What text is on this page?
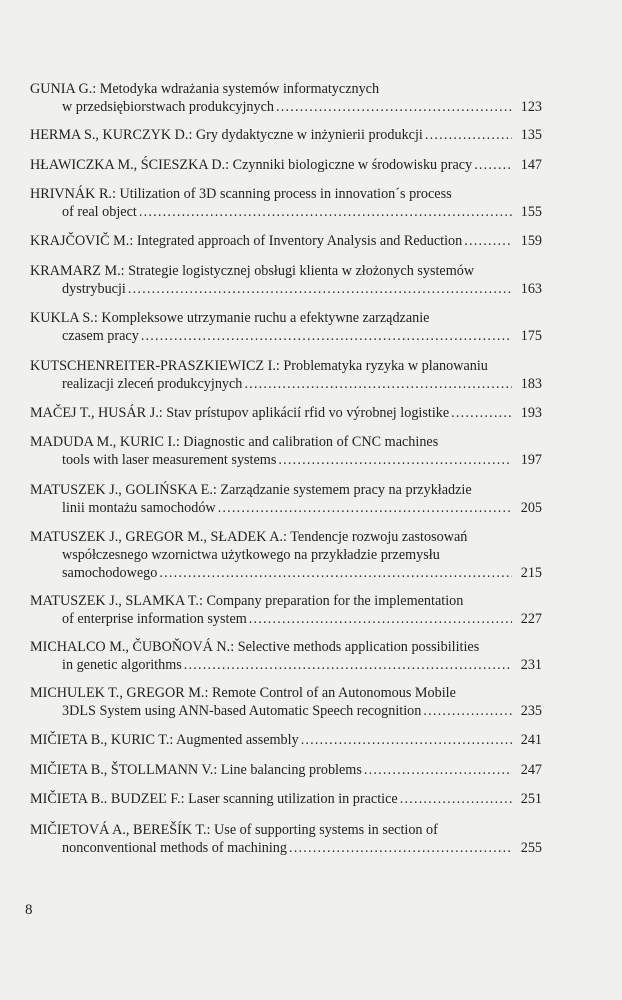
GUNIA G.: Metodyka wdrażania systemów informatycznych
w przedsiębiorstwach produkcyjnych .....	123
HERMA S., KURCZYK D.: Gry dydaktyczne w inżynierii produkcji .....	135
HŁAWICZKA M., ŚCIESZKA D.: Czynniki biologiczne w środowisku pracy .....	147
HRIVNÁK R.: Utilization of 3D scanning process in innovation´s process
of real object .....	155
KRAJČOVIČ M.: Integrated approach of Inventory Analysis and Reduction .....	159
KRAMARZ M.: Strategie logistycznej obsługi klienta w złożonych systemów
dystrybucji .....	163
KUKLA S.: Kompleksowe utrzymanie ruchu a efektywne zarządzanie
czasem pracy .....	175
KUTSCHENREITER-PRASZKIEWICZ I.: Problematyka ryzyka w planowaniu
realizacji zleceń produkcyjnych .....	183
MAČEJ T., HUSÁR J.: Stav prístupov aplikácií rfid vo výrobnej logistike .....	193
MADUDA M., KURIC I.: Diagnostic and calibration of CNC machines
tools with laser measurement systems .....	197
MATUSZEK J., GOLIŃSKA E.: Zarządzanie systemem pracy na przykładzie
linii montażu samochodów .....	205
MATUSZEK J., GREGOR M., SŁADEK A.: Tendencje rozwoju zastosowań
współczesnego wzornictwa użytkowego na przykładzie przemysłu
samochodowego .....	215
MATUSZEK J., SLAMKA T.: Company preparation for the implementation
of enterprise information system .....	227
MICHALCO M., ČUBOŇOVÁ N.: Selective methods application possibilities
in genetic algorithms .....	231
MICHULEK T., GREGOR M.: Remote Control of an Autonomous Mobile
3DLS System using ANN-based Automatic Speech recognition .....	235
MIČIETA B., KURIC T.: Augmented assembly .....	241
MIČIETA B., ŠTOLLMANN V.: Line balancing problems .....	247
MIČIETA B.. BUDZEĽ F.: Laser scanning utilization in practice .....	251
MIČIETOVÁ A., BEREŠÍK T.: Use of supporting systems in section of
nonconventional methods of machining .....	255
8
